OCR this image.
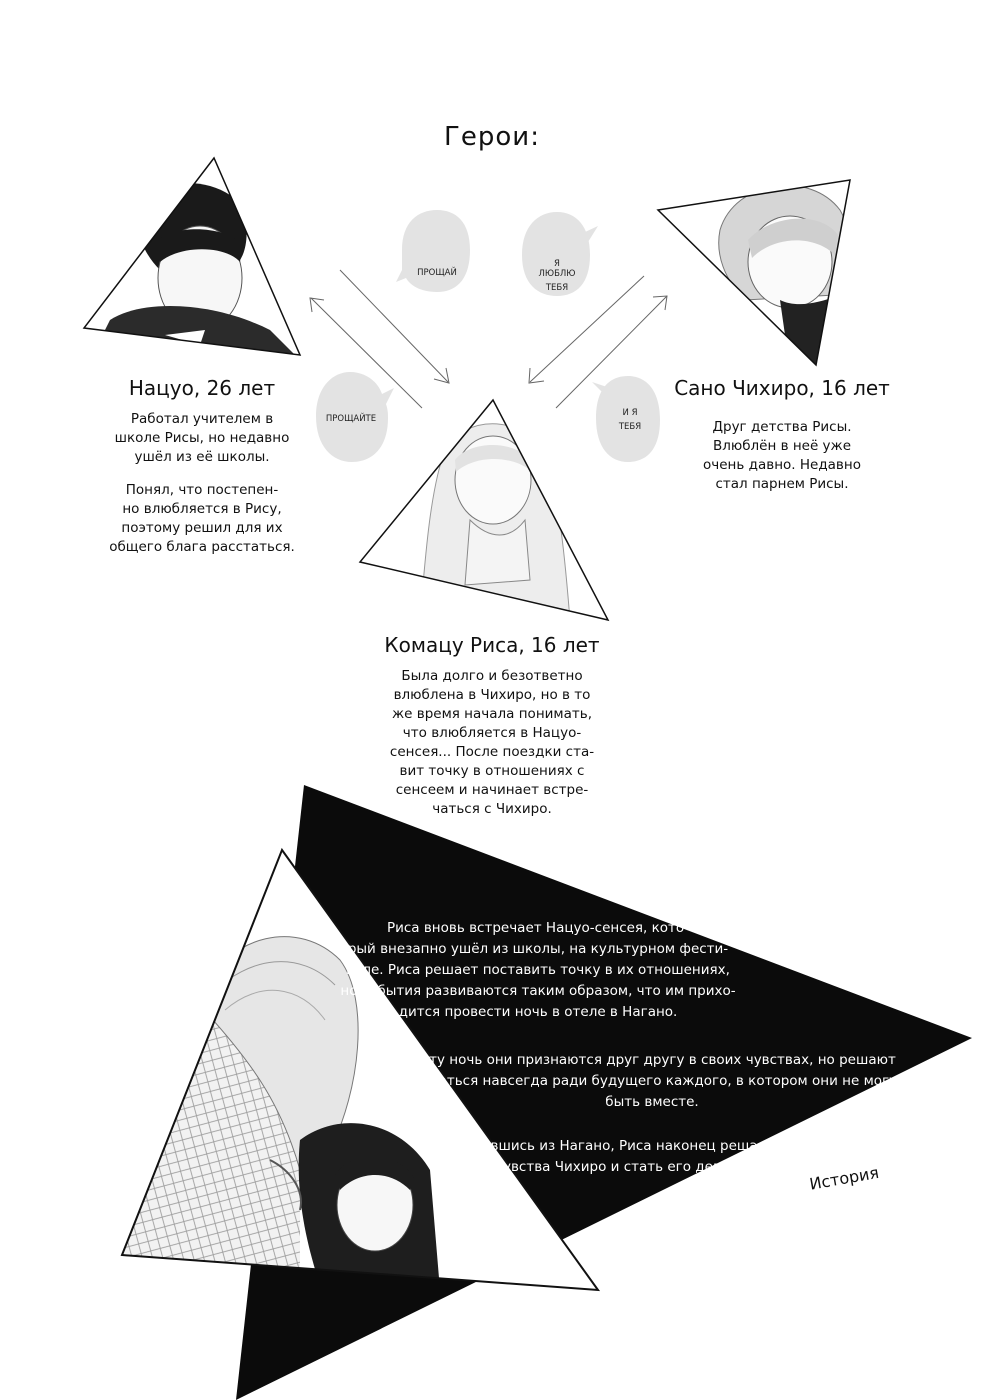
ПРОЩАЙ
Я
ЛЮБЛЮ
ТЕБЯ
ПРОЩАЙТЕ
И Я
ТЕБЯ
Герои:
Нацуо, 26 лет
Работал учителем в
школе Рисы, но недавно
ушёл из её школы.
Понял, что постепен-
но влюбляется в Рису,
поэтому решил для их
общего блага расстаться.
Сано Чихиро, 16 лет
Друг детства Рисы.
Влюблён в неё уже
очень давно. Недавно
стал парнем Рисы.
Комацу Риса, 16 лет
Была долго и безответно
влюблена в Чихиро, но в то
же время начала понимать,
что влюбляется в Нацуо-
сенсея... После поездки ста-
вит точку в отношениях с
сенсеем и начинает встре-
чаться с Чихиро.
Риса вновь встречает Нацуо-сенсея, кото-
рый внезапно ушёл из школы, на культурном фести-
вале. Риса решает поставить точку в их отношениях,
но события развиваются таким образом, что им прихо-
дится провести ночь в отеле в Нагано.
В эту ночь они признаются друг другу в своих чувствах, но решают
расстаться навсегда ради будущего каждого, в котором они не могут
быть вместе.
Вернувшись из Нагано, Риса наконец решается принять
чувства Чихиро и стать его девушкой, но... История
